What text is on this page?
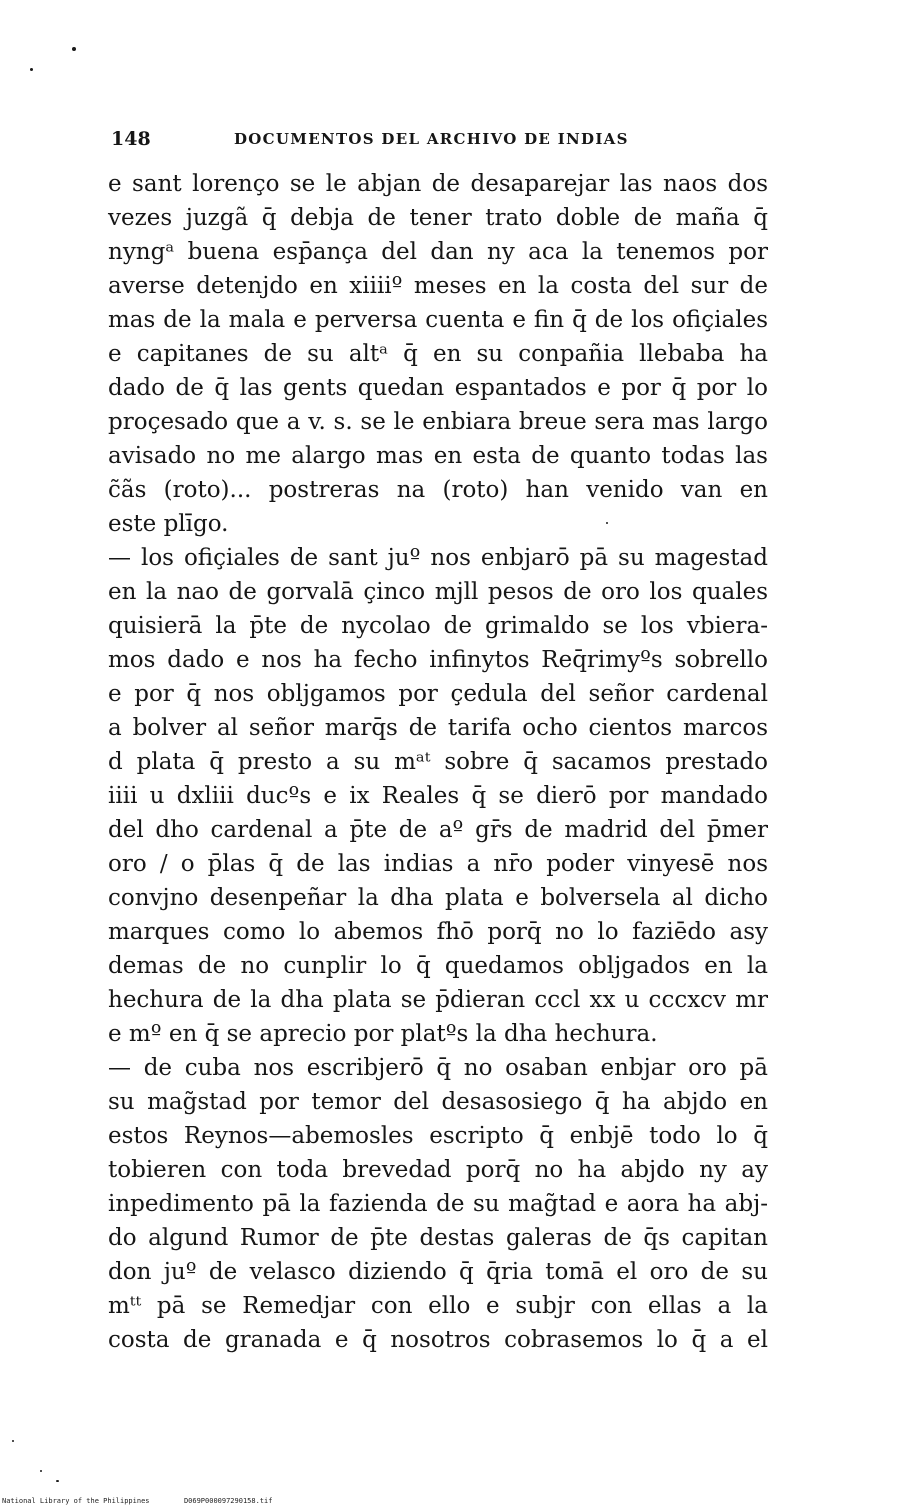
148	DOCUMENTOS DEL ARCHIVO DE INDIAS
e sant lorenço se le abjan de desaparejar las naos dos
vezes juzgã q̄ debja de tener trato doble de maña q̄
nyngᵃ buena esp̄ança del dan ny aca la tenemos por
averse detenjdo en xiiiiº meses en la costa del sur de
mas de la mala e perversa cuenta e fin q̄ de los ofiçiales
e capitanes de su altᵃ q̄ en su conpañia llebaba ha
dado de q̄ las gents quedan espantados e por q̄ por lo
proçesado que a v. s. se le enbiara breue sera mas largo
avisado no me alargo mas en esta de quanto todas las
c̃ãs (roto)... postreras na (roto) han venido van en
este plīgo.
— los ofiçiales de sant juº nos enbjarō pā su magestad
en la nao de gorvalā çinco mjll pesos de oro los quales
quisierā la p̄te de nycolao de grimaldo se los vbiera-
mos dado e nos ha fecho infinytos Req̄rimyºs sobrello
e por q̄ nos obljgamos por çedula del señor cardenal
a bolver al señor marq̄s de tarifa ocho cientos marcos
d plata q̄ presto a su mᵃᵗ sobre q̄ sacamos prestado
iiii u dxliii ducºs e ix Reales q̄ se dierō por mandado
del dho cardenal a p̄te de aº gr̄s de madrid del p̄mer
oro / o p̄las q̄ de las indias a nr̄o poder vinyesē nos
convjno desenpeñar la dha plata e bolversela al dicho
marques como lo abemos fhō porq̄ no lo faziēdo asy
demas de no cunplir lo q̄ quedamos obljgados en la
hechura de la dha plata se p̄dieran cccl xx u cccxcv mr
e mº en q̄ se aprecio por platºs la dha hechura.
— de cuba nos escribjerō q̄ no osaban enbjar oro pā
su mag̃stad por temor del desasosiego q̄ ha abjdo en
estos Reynos—abemosles escripto q̄ enbjē todo lo q̄
tobieren con toda brevedad porq̄ no ha abjdo ny ay
inpedimento pā la fazienda de su mag̃tad e aora ha abj-
do algund Rumor de p̄te destas galeras de q̄s capitan
don juº de velasco diziendo q̄ q̄ria tomā el oro de su
mᵗᵗ pā se Remedjar con ello e subjr con ellas a la
costa de granada e q̄ nosotros cobrasemos lo q̄ a el
National Library of the Philippines	D069P000097290158.tif
